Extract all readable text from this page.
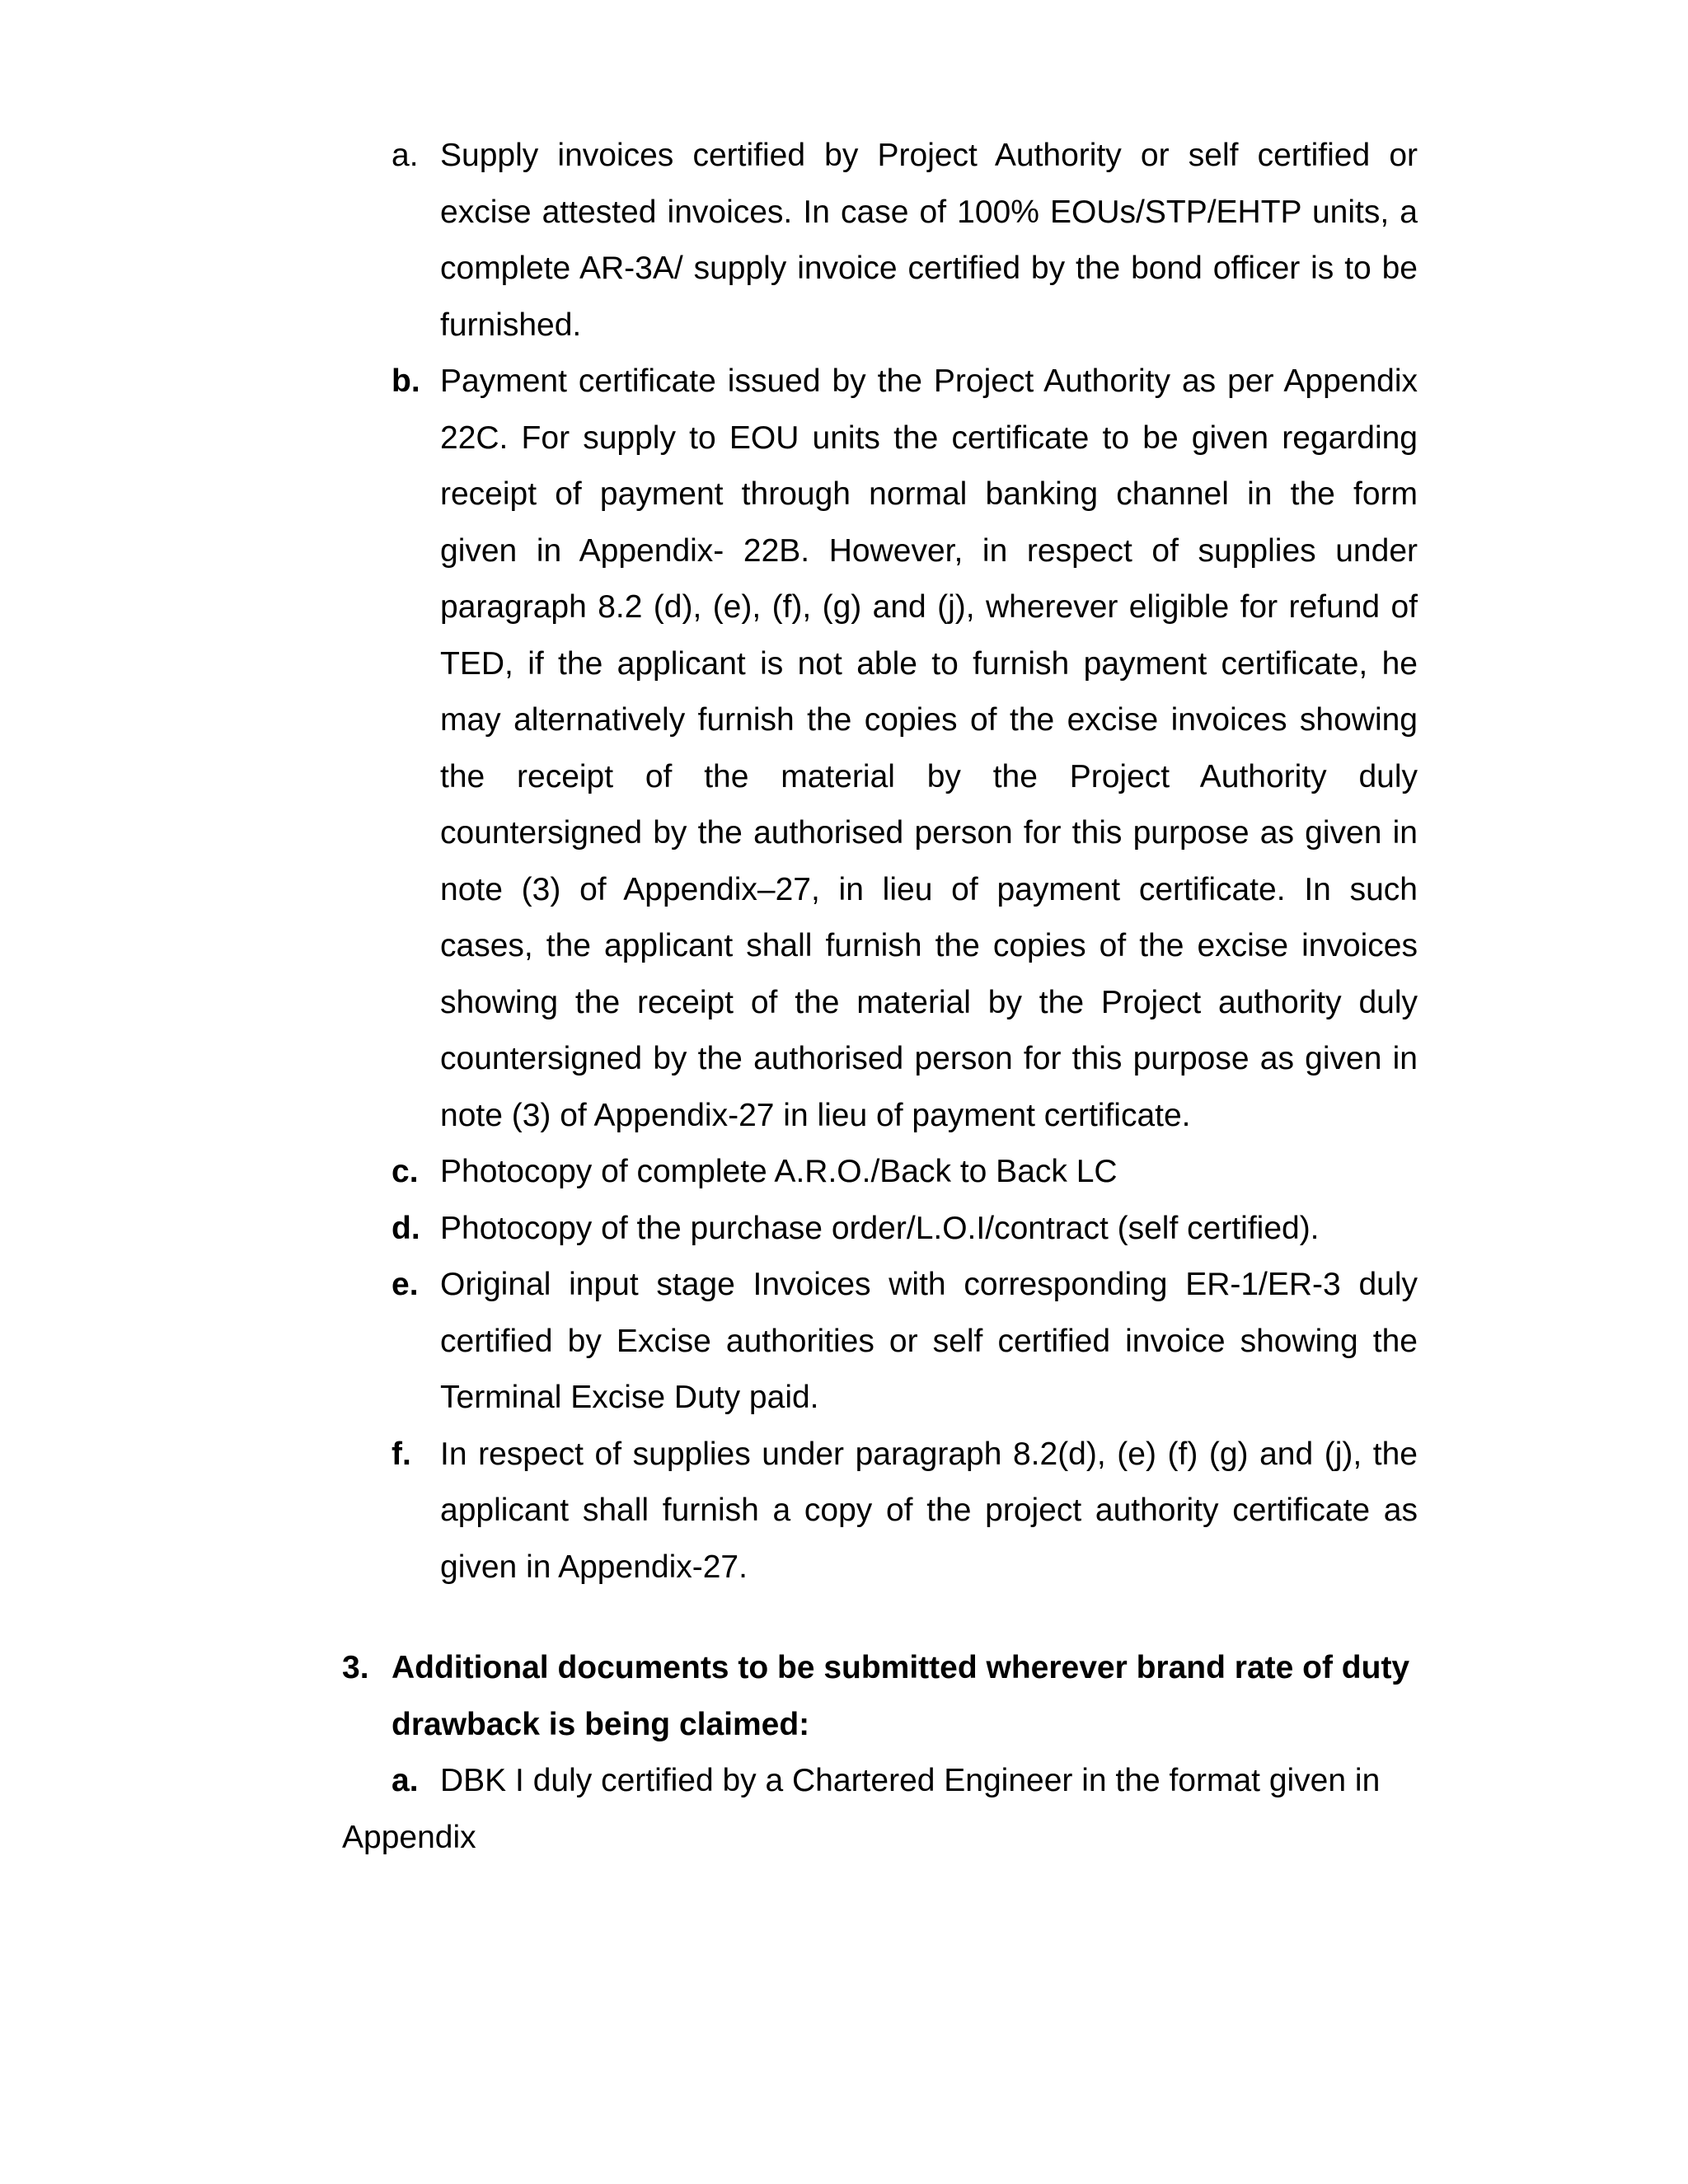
a. Supply invoices certified by Project Authority or self certified or excise attested invoices. In case of 100% EOUs/STP/EHTP units, a complete AR-3A/ supply invoice certified by the bond officer is to be furnished.
b. Payment certificate issued by the Project Authority as per Appendix 22C. For supply to EOU units the certificate to be given regarding receipt of payment through normal banking channel in the form given in Appendix- 22B. However, in respect of supplies under paragraph 8.2 (d), (e), (f), (g) and (j), wherever eligible for refund of TED, if the applicant is not able to furnish payment certificate, he may alternatively furnish the copies of the excise invoices showing the receipt of the material by the Project Authority duly countersigned by the authorised person for this purpose as given in note (3) of Appendix–27, in lieu of payment certificate. In such cases, the applicant shall furnish the copies of the excise invoices showing the receipt of the material by the Project authority duly countersigned by the authorised person for this purpose as given in note (3) of Appendix-27 in lieu of payment certificate.
c. Photocopy of complete A.R.O./Back to Back LC
d. Photocopy of the purchase order/L.O.I/contract (self certified).
e. Original input stage Invoices with corresponding ER-1/ER-3 duly certified by Excise authorities or self certified invoice showing the Terminal Excise Duty paid.
f. In respect of supplies under paragraph 8.2(d), (e) (f) (g) and (j), the applicant shall furnish a copy of the project authority certificate as given in Appendix-27.
3. Additional documents to be submitted wherever brand rate of duty drawback is being claimed:
a. DBK I duly certified by a Chartered Engineer in the format given in
Appendix
